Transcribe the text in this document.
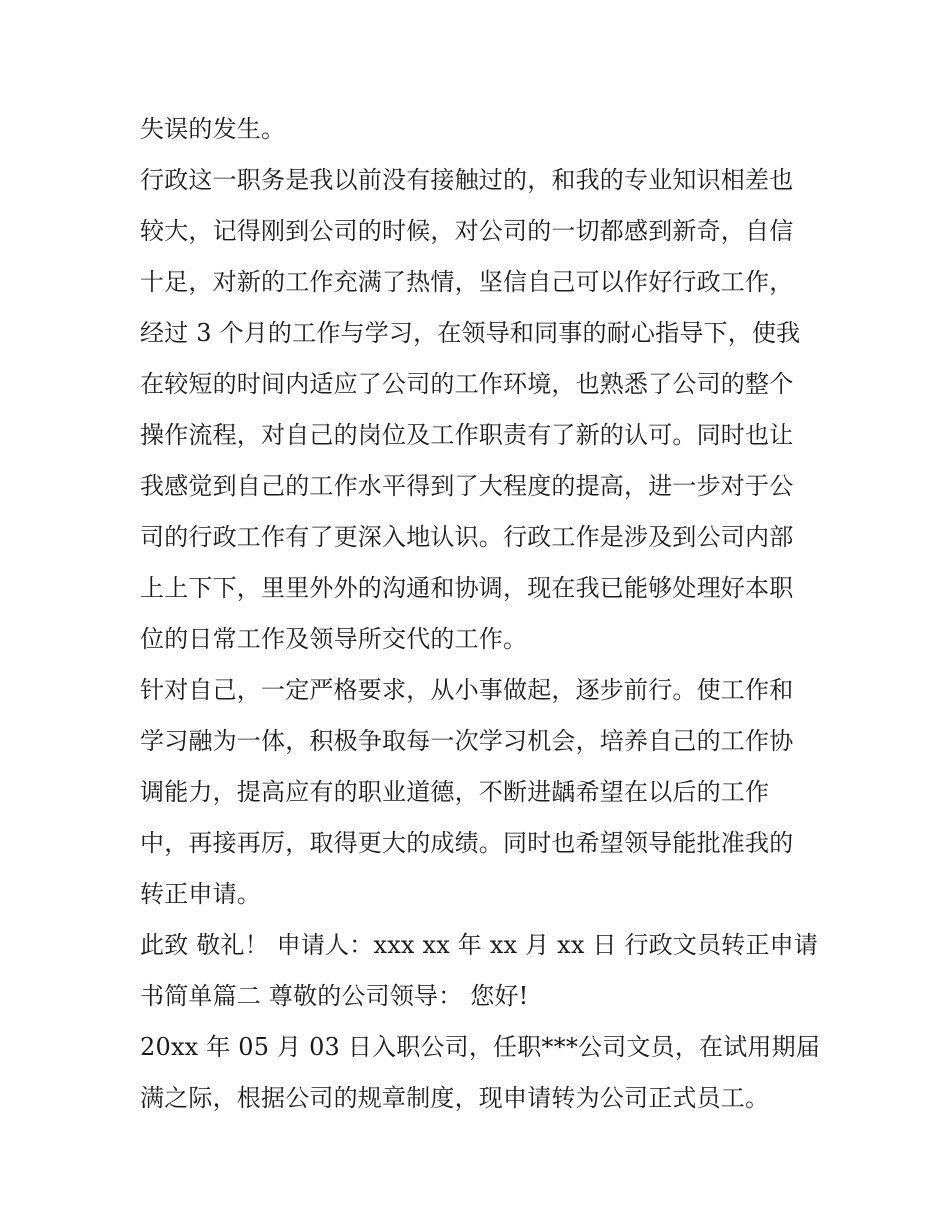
失误的发生。
行政这一职务是我以前没有接触过的，和我的专业知识相差也
较大，记得刚到公司的时候，对公司的一切都感到新奇，自信
十足，对新的工作充满了热情，坚信自己可以作好行政工作，
经过 3 个月的工作与学习，在领导和同事的耐心指导下，使我
在较短的时间内适应了公司的工作环境，也熟悉了公司的整个
操作流程，对自己的岗位及工作职责有了新的认可。同时也让
我感觉到自己的工作水平得到了大程度的提高，进一步对于公
司的行政工作有了更深入地认识。行政工作是涉及到公司内部
上上下下，里里外外的沟通和协调，现在我已能够处理好本职
位的日常工作及领导所交代的工作。
针对自己，一定严格要求，从小事做起，逐步前行。使工作和
学习融为一体，积极争取每一次学习机会，培养自己的工作协
调能力，提高应有的职业道德，不断进龋希望在以后的工作
中，再接再厉，取得更大的成绩。同时也希望领导能批准我的
转正申请。
此致 敬礼！ 申请人：xxx xx 年 xx 月 xx 日 行政文员转正申请
书简单篇二 尊敬的公司领导： 您好!
20xx 年 05 月 03 日入职公司，任职***公司文员，在试用期届
满之际，根据公司的规章制度，现申请转为公司正式员工。
